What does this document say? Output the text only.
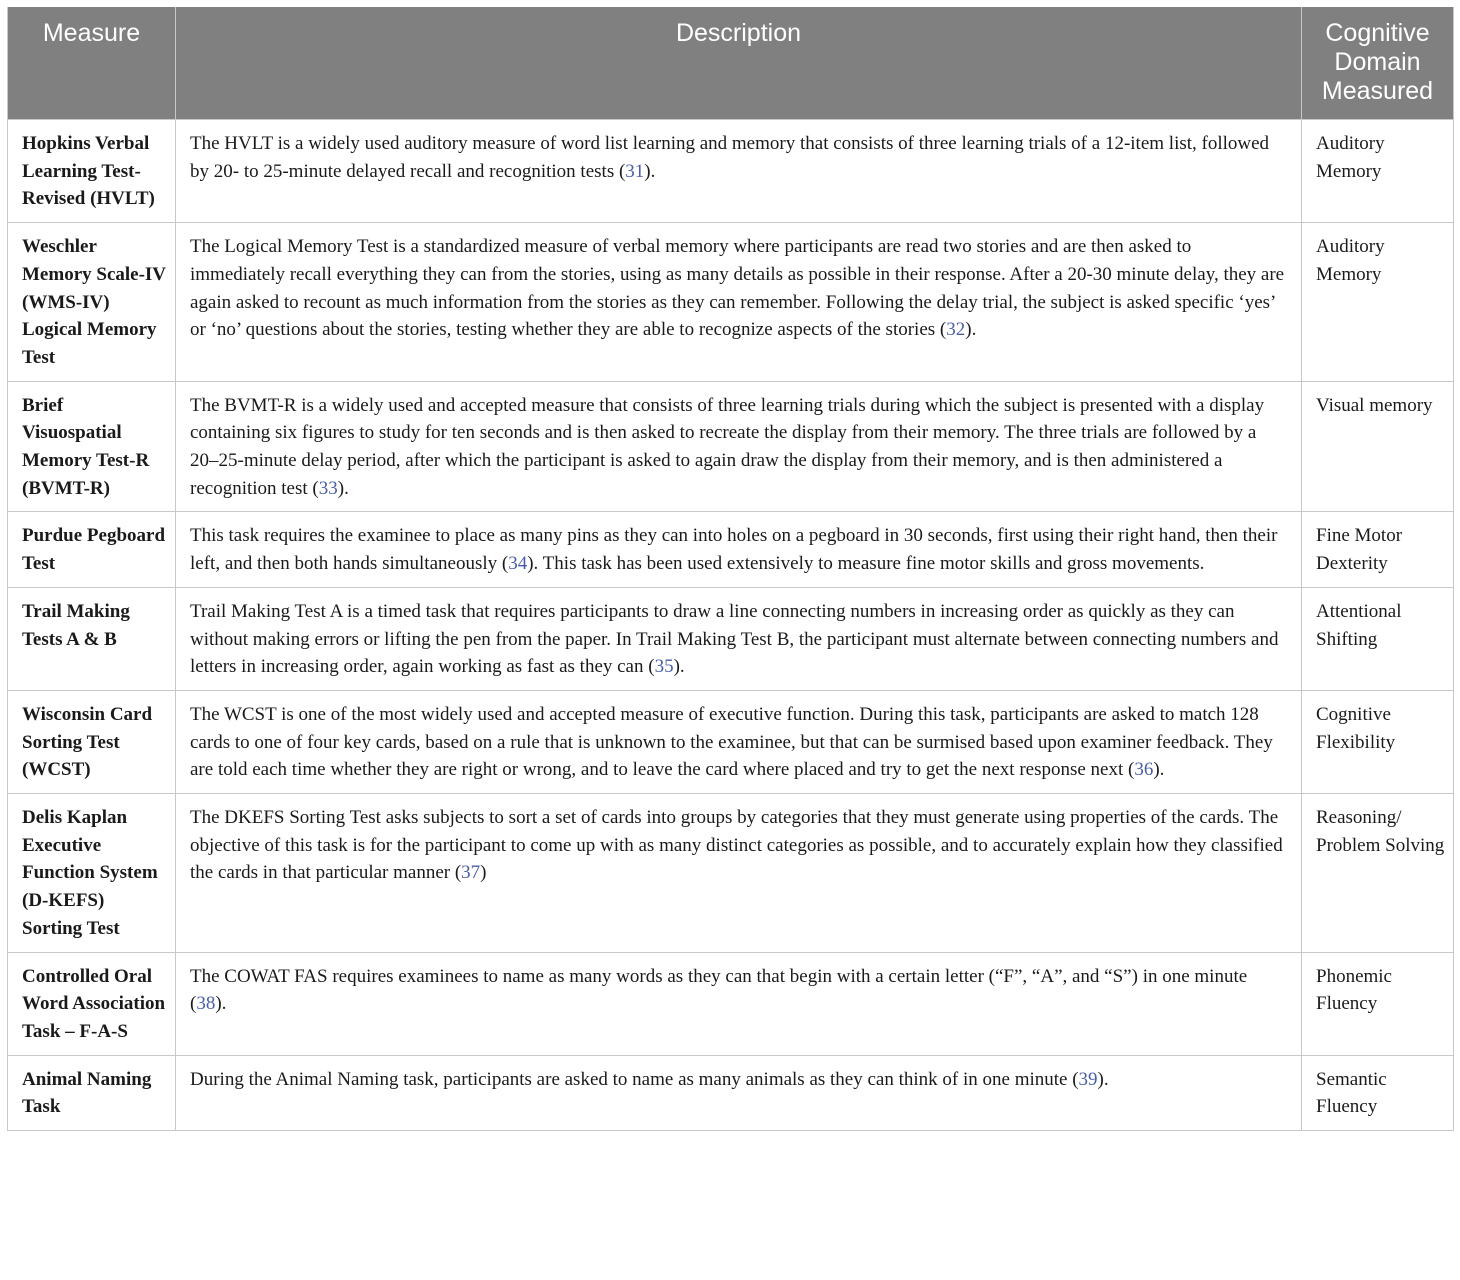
Measure	Description	Cognitive Domain Measured
Hopkins Verbal Learning Test-Revised (HVLT)	The HVLT is a widely used auditory measure of word list learning and memory that consists of three learning trials of a 12-item list, followed by 20- to 25-minute delayed recall and recognition tests (31).	Auditory Memory
Weschler Memory Scale-IV (WMS-IV) Logical Memory Test	The Logical Memory Test is a standardized measure of verbal memory where participants are read two stories and are then asked to immediately recall everything they can from the stories, using as many details as possible in their response. After a 20-30 minute delay, they are again asked to recount as much information from the stories as they can remember. Following the delay trial, the subject is asked specific ‘yes’ or ‘no’ questions about the stories, testing whether they are able to recognize aspects of the stories (32).	Auditory Memory
Brief Visuospatial Memory Test-R (BVMT-R)	The BVMT-R is a widely used and accepted measure that consists of three learning trials during which the subject is presented with a display containing six figures to study for ten seconds and is then asked to recreate the display from their memory. The three trials are followed by a 20–25-minute delay period, after which the participant is asked to again draw the display from their memory, and is then administered a recognition test (33).	Visual memory
Purdue Pegboard Test	This task requires the examinee to place as many pins as they can into holes on a pegboard in 30 seconds, first using their right hand, then their left, and then both hands simultaneously (34). This task has been used extensively to measure fine motor skills and gross movements.	Fine Motor Dexterity
Trail Making Tests A & B	Trail Making Test A is a timed task that requires participants to draw a line connecting numbers in increasing order as quickly as they can without making errors or lifting the pen from the paper. In Trail Making Test B, the participant must alternate between connecting numbers and letters in increasing order, again working as fast as they can (35).	Attentional Shifting
Wisconsin Card Sorting Test (WCST)	The WCST is one of the most widely used and accepted measure of executive function. During this task, participants are asked to match 128 cards to one of four key cards, based on a rule that is unknown to the examinee, but that can be surmised based upon examiner feedback. They are told each time whether they are right or wrong, and to leave the card where placed and try to get the next response next (36).	Cognitive Flexibility
Delis Kaplan Executive Function System (D-KEFS) Sorting Test	The DKEFS Sorting Test asks subjects to sort a set of cards into groups by categories that they must generate using properties of the cards. The objective of this task is for the participant to come up with as many distinct categories as possible, and to accurately explain how they classified the cards in that particular manner (37)	Reasoning/ Problem Solving
Controlled Oral Word Association Task – F-A-S	The COWAT FAS requires examinees to name as many words as they can that begin with a certain letter (“F”, “A”, and “S”) in one minute (38).	Phonemic Fluency
Animal Naming Task	During the Animal Naming task, participants are asked to name as many animals as they can think of in one minute (39).	Semantic Fluency
